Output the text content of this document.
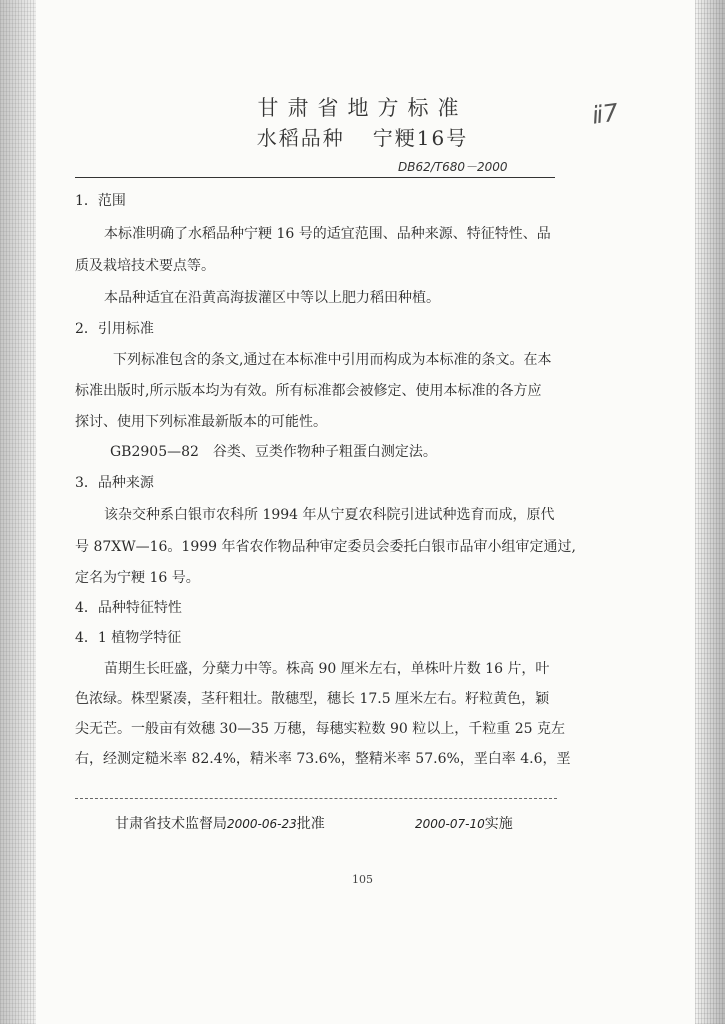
甘肃省地方标准
水稻品种 宁粳16号
ⅱ7
DB62/T680－2000
1．范围
本标准明确了水稻品种宁粳 16 号的适宜范围、品种来源、特征特性、品
质及栽培技术要点等。
本品种适宜在沿黄高海拔灌区中等以上肥力稻田种植。
2．引用标准
下列标准包含的条文,通过在本标准中引用而构成为本标准的条文。在本
标准出版时,所示版本均为有效。所有标准都会被修定、使用本标准的各方应
探讨、使用下列标准最新版本的可能性。
GB2905—82　谷类、豆类作物种子粗蛋白测定法。
3．品种来源
该杂交种系白银市农科所 1994 年从宁夏农科院引进试种选育而成，原代
号 87XW—16。1999 年省农作物品种审定委员会委托白银市品审小组审定通过,
定名为宁粳 16 号。
4．品种特征特性
4．1 植物学特征
苗期生长旺盛，分蘖力中等。株高 90 厘米左右，单株叶片数 16 片，叶
色浓绿。株型紧凑，茎秆粗壮。散穗型，穗长 17.5 厘米左右。籽粒黄色，颖
尖无芒。一般亩有效穗 30—35 万穗，每穗实粒数 90 粒以上，千粒重 25 克左
右，经测定糙米率 82.4%，精米率 73.6%，整精米率 57.6%，垩白率 4.6，垩
甘肃省技术监督局2000-06-23批准	2000-07-10实施
105
